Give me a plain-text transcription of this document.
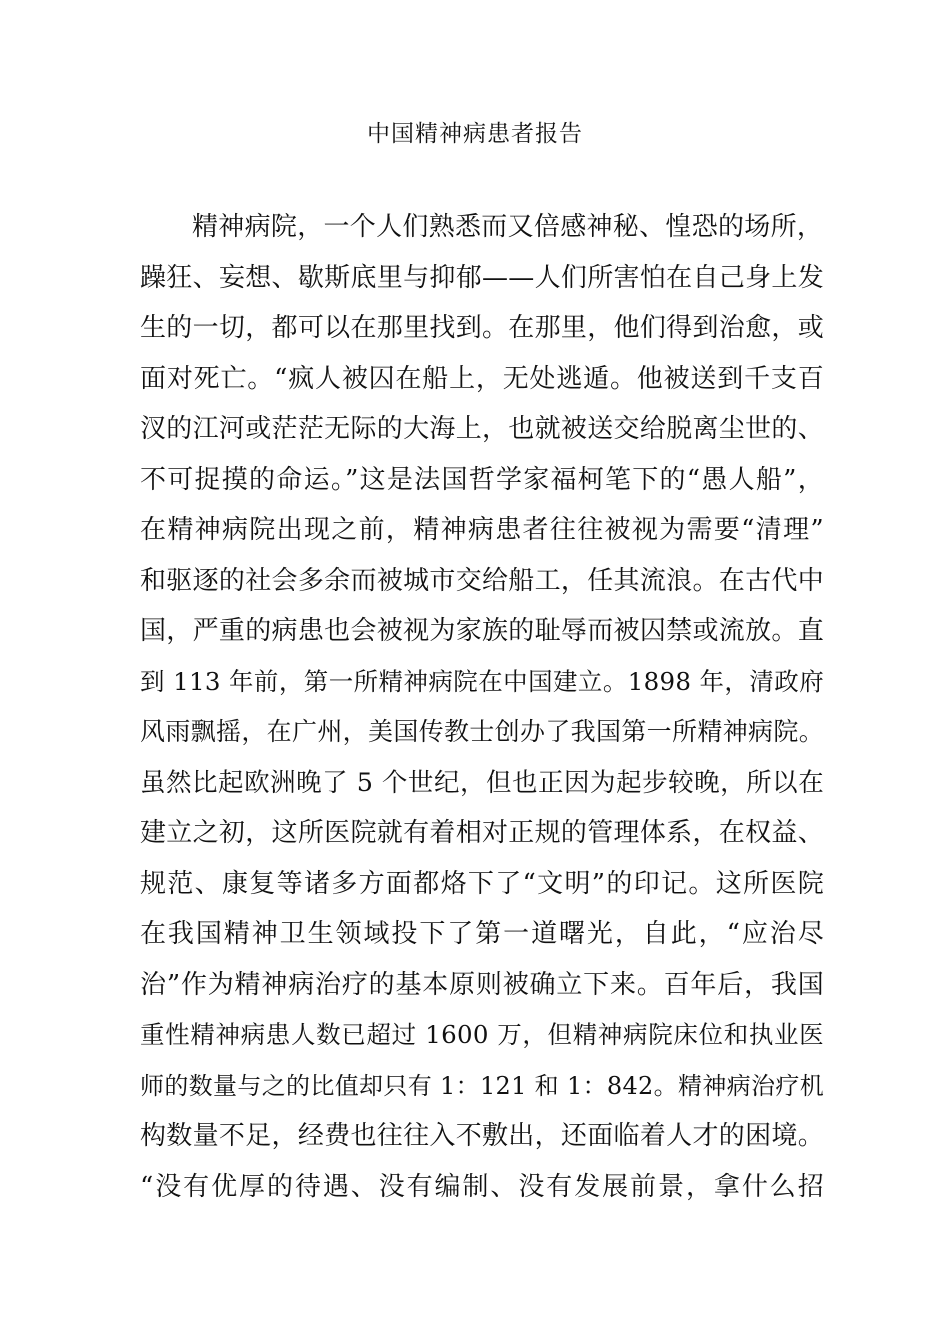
中国精神病患者报告
精神病院，一个人们熟悉而又倍感神秘、惶恐的场所，
躁狂、妄想、歇斯底里与抑郁——人们所害怕在自己身上发
生的一切，都可以在那里找到。在那里，他们得到治愈，或
面对死亡。“疯人被囚在船上，无处逃遁。他被送到千支百
汊的江河或茫茫无际的大海上，也就被送交给脱离尘世的、
不可捉摸的命运。”这是法国哲学家福柯笔下的“愚人船”，
在精神病院出现之前，精神病患者往往被视为需要“清理”
和驱逐的社会多余而被城市交给船工，任其流浪。在古代中
国，严重的病患也会被视为家族的耻辱而被囚禁或流放。直
到 113 年前，第一所精神病院在中国建立。1898 年，清政府
风雨飘摇，在广州，美国传教士创办了我国第一所精神病院。
虽然比起欧洲晚了 5 个世纪，但也正因为起步较晚，所以在
建立之初，这所医院就有着相对正规的管理体系，在权益、
规范、康复等诸多方面都烙下了“文明”的印记。这所医院
在我国精神卫生领域投下了第一道曙光，自此，“应治尽
治”作为精神病治疗的基本原则被确立下来。百年后，我国
重性精神病患人数已超过 1600 万，但精神病院床位和执业医
师的数量与之的比值却只有 1：121 和 1：842。精神病治疗机
构数量不足，经费也往往入不敷出，还面临着人才的困境。
“没有优厚的待遇、没有编制、没有发展前景，拿什么招
